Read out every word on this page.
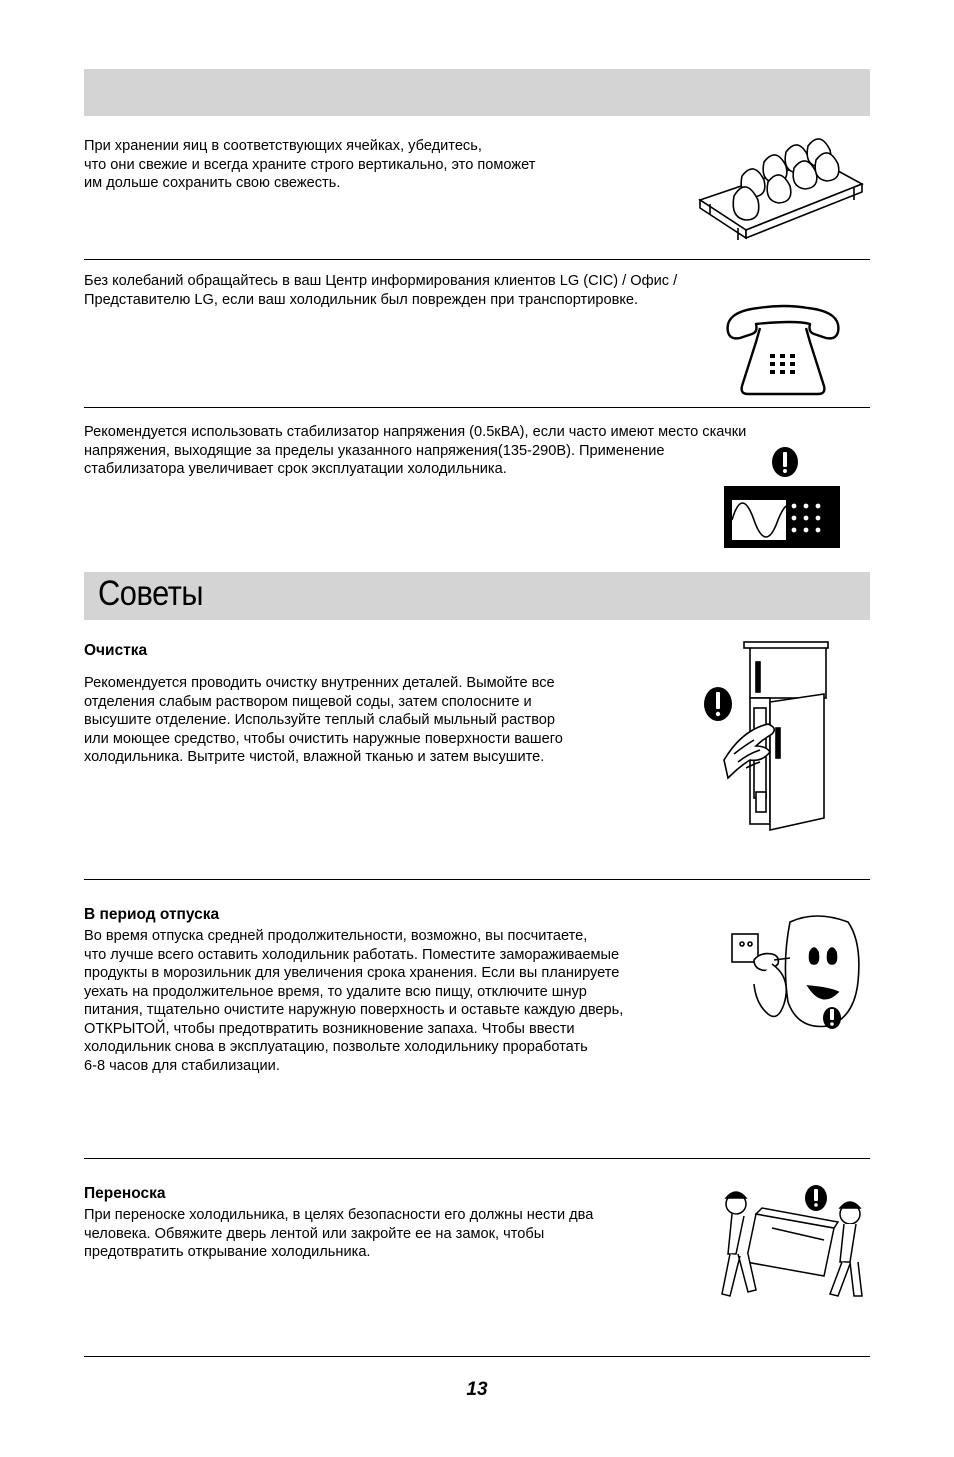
При хранении яиц в соответствующих ячейках, убедитесь,
что они свежие и всегда храните строго вертикально, это поможет
им дольше сохранить свою свежесть.

Без колебаний обращайтесь в ваш Центр информирования клиентов LG (CIC) / Офис /
Представителю LG, если ваш холодильник был поврежден при транспортировке.

Рекомендуется использовать стабилизатор напряжения (0.5кВА), если часто имеют место скачки
напряжения, выходящие за пределы указанного напряжения(135-290В). Применение
стабилизатора увеличивает срок эксплуатации холодильника.

Советы

Очистка

Рекомендуется проводить очистку внутренних деталей. Вымойте все
отделения слабым раствором пищевой соды, затем сполосните и
высушите отделение. Используйте теплый слабый мыльный раствор
или моющее средство, чтобы очистить наружные поверхности вашего
холодильника. Вытрите чистой, влажной тканью и затем высушите.

В период отпуска

Во время отпуска средней продолжительности, возможно, вы посчитаете,
что лучше всего оставить холодильник работать. Поместите замораживаемые
продукты в морозильник для увеличения срока хранения. Если вы планируете
уехать на продолжительное время, то удалите всю пищу, отключите шнур
питания, тщательно очистите наружную поверхность и оставьте каждую дверь,
ОТКРЫТОЙ, чтобы предотвратить возникновение запаха. Чтобы ввести
холодильник снова в эксплуатацию, позвольте холодильнику проработать
6-8 часов для стабилизации.

Переноска

При переноске холодильника, в целях безопасности его должны нести два
человека. Обвяжите дверь лентой или закройте ее на замок, чтобы
предотвратить открывание холодильника.

13
